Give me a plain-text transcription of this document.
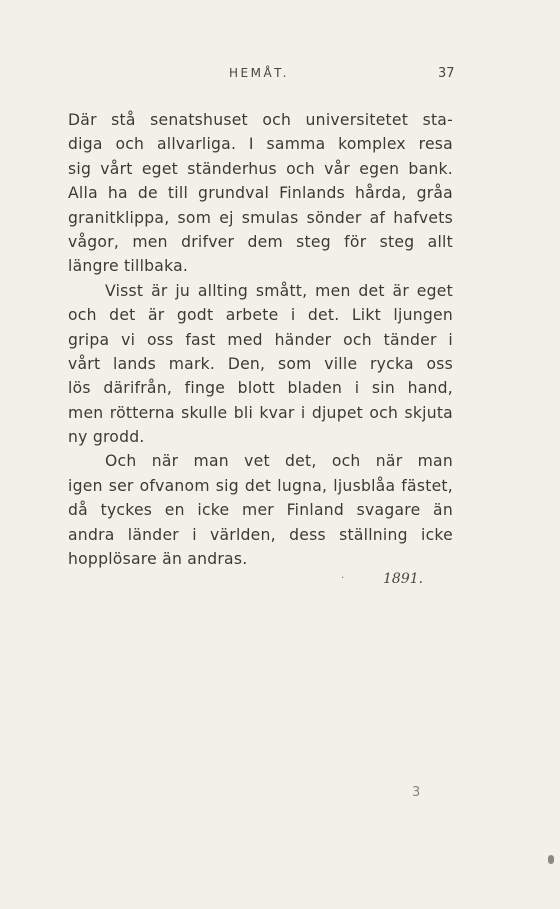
HEMÅT.	37
Där stå senatshuset och universitetet sta-
diga och allvarliga. I samma komplex resa
sig vårt eget ständerhus och vår egen bank.
Alla ha de till grundval Finlands hårda, gråa
granitklippa, som ej smulas sönder af hafvets
vågor, men drifver dem steg för steg allt
längre tillbaka.
Visst är ju allting smått, men det är eget
och det är godt arbete i det. Likt ljungen
gripa vi oss fast med händer och tänder i
vårt lands mark. Den, som ville rycka oss
lös därifrån, finge blott bladen i sin hand,
men rötterna skulle bli kvar i djupet och skjuta
ny grodd.
Och när man vet det, och när man
igen ser ofvanom sig det lugna, ljusblåa fästet,
då tyckes en icke mer Finland svagare än
andra länder i världen, dess ställning icke
hopplösare än andras.
·	1891.
3
